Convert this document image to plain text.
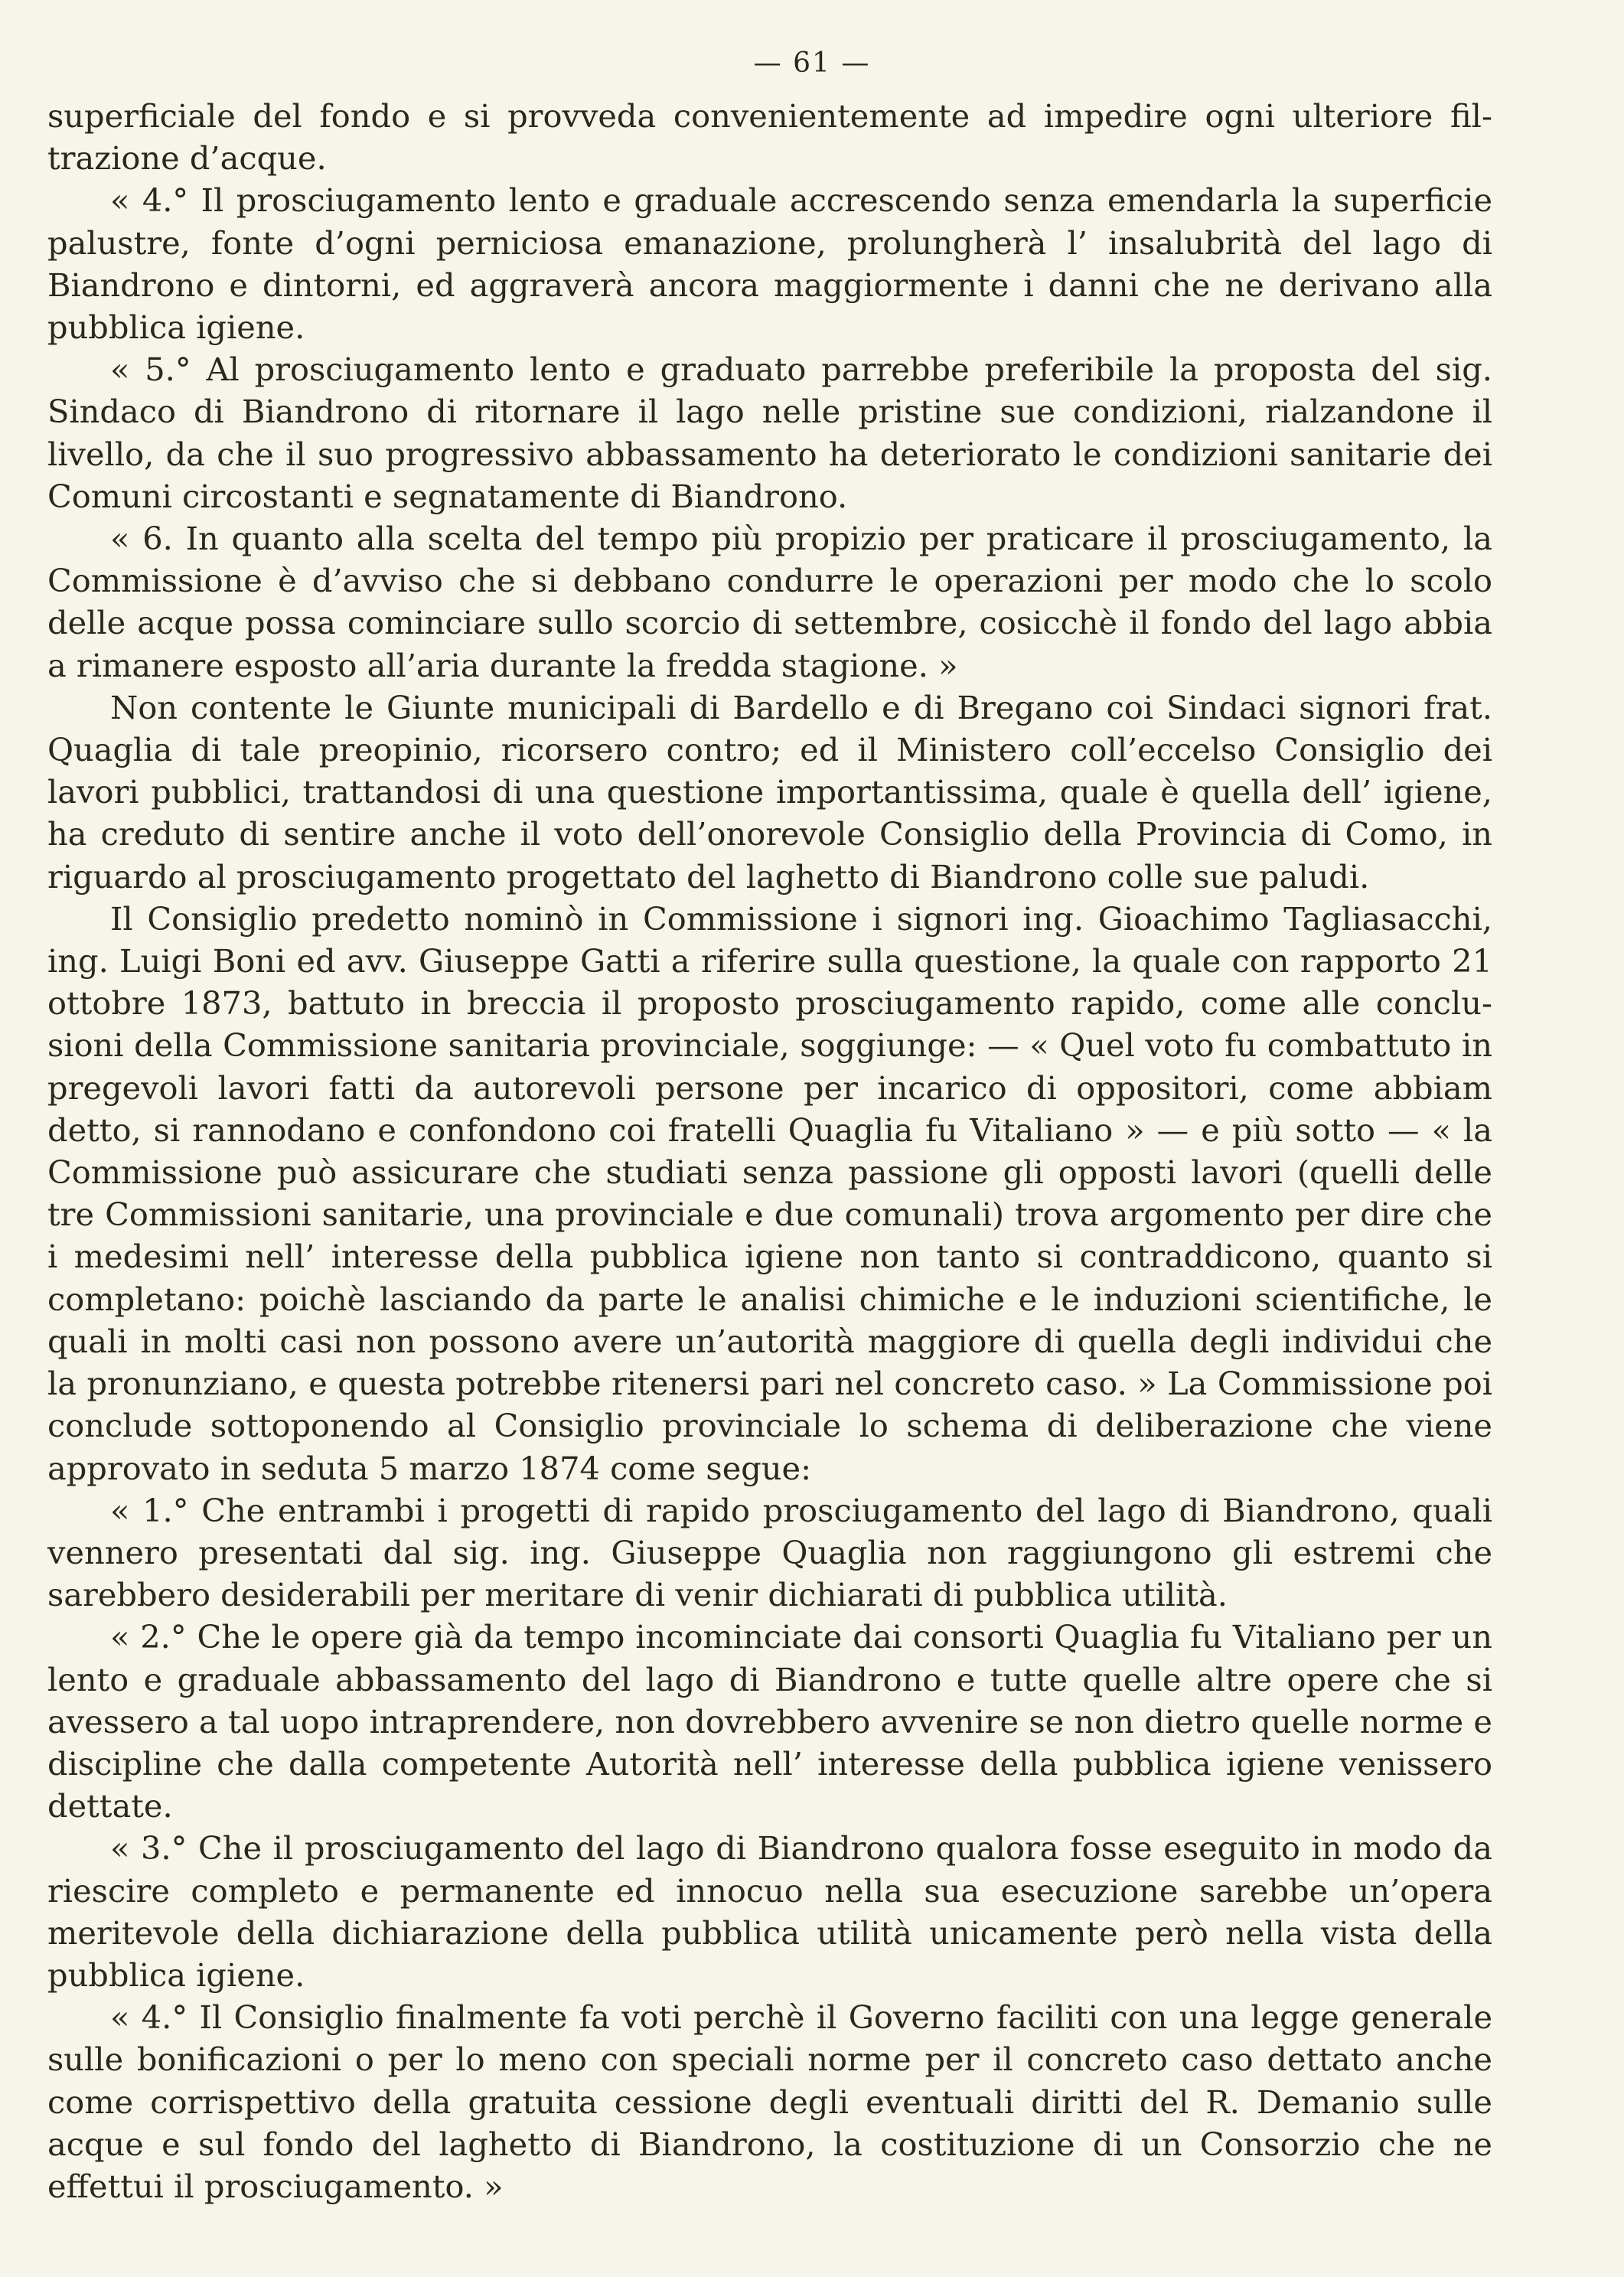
— 61 —

superficiale del fondo e si provveda convenientemente ad impedire ogni ulteriore filtrazione d’acque.

« 4.° Il prosciugamento lento e graduale accrescendo senza emendarla la superficie palustre, fonte d’ogni perniciosa emanazione, prolungherà l’ insalubrità del lago di Biandrono e dintorni, ed aggraverà ancora maggiormente i danni che ne derivano alla pubblica igiene.

« 5.° Al prosciugamento lento e graduato parrebbe preferibile la proposta del sig. Sindaco di Biandrono di ritornare il lago nelle pristine sue condizioni, rialzandone il livello, da che il suo progressivo abbassamento ha deteriorato le condizioni sanitarie dei Comuni circostanti e segnatamente di Biandrono.

« 6. In quanto alla scelta del tempo più propizio per praticare il prosciugamento, la Commissione è d’avviso che si debbano condurre le operazioni per modo che lo scolo delle acque possa cominciare sullo scorcio di settembre, cosicchè il fondo del lago abbia a rimanere esposto all’aria durante la fredda stagione. »

Non contente le Giunte municipali di Bardello e di Bregano coi Sindaci signori frat. Quaglia di tale preopinio, ricorsero contro; ed il Ministero coll’eccelso Consiglio dei lavori pubblici, trattandosi di una questione importantissima, quale è quella dell’ igiene, ha creduto di sentire anche il voto dell’onorevole Consiglio della Provincia di Como, in riguardo al prosciugamento progettato del laghetto di Biandrono colle sue paludi.

Il Consiglio predetto nominò in Commissione i signori ing. Gioachimo Tagliasacchi, ing. Luigi Boni ed avv. Giuseppe Gatti a riferire sulla questione, la quale con rapporto 21 ottobre 1873, battuto in breccia il proposto prosciugamento rapido, come alle conclusioni della Commissione sanitaria provinciale, soggiunge: — « Quel voto fu combattuto in pregevoli lavori fatti da autorevoli persone per incarico di oppositori, come abbiam detto, si rannodano e confondono coi fratelli Quaglia fu Vitaliano » — e più sotto — « la Commissione può assicurare che studiati senza passione gli opposti lavori (quelli delle tre Commissioni sanitarie, una provinciale e due comunali) trova argomento per dire che i medesimi nell’ interesse della pubblica igiene non tanto si contraddicono, quanto si completano: poichè lasciando da parte le analisi chimiche e le induzioni scientifiche, le quali in molti casi non possono avere un’autorità maggiore di quella degli individui che la pronunziano, e questa potrebbe ritenersi pari nel concreto caso. » La Commissione poi conclude sottoponendo al Consiglio provinciale lo schema di deliberazione che viene approvato in seduta 5 marzo 1874 come segue:

« 1.° Che entrambi i progetti di rapido prosciugamento del lago di Biandrono, quali vennero presentati dal sig. ing. Giuseppe Quaglia non raggiungono gli estremi che sarebbero desiderabili per meritare di venir dichiarati di pubblica utilità.

« 2.° Che le opere già da tempo incominciate dai consorti Quaglia fu Vitaliano per un lento e graduale abbassamento del lago di Biandrono e tutte quelle altre opere che si avessero a tal uopo intraprendere, non dovrebbero avvenire se non dietro quelle norme e discipline che dalla competente Autorità nell’ interesse della pubblica igiene venissero dettate.

« 3.° Che il prosciugamento del lago di Biandrono qualora fosse eseguito in modo da riescire completo e permanente ed innocuo nella sua esecuzione sarebbe un’opera meritevole della dichiarazione della pubblica utilità unicamente però nella vista della pubblica igiene.

« 4.° Il Consiglio finalmente fa voti perchè il Governo faciliti con una legge generale sulle bonificazioni o per lo meno con speciali norme per il concreto caso dettato anche come corrispettivo della gratuita cessione degli eventuali diritti del R. Demanio sulle acque e sul fondo del laghetto di Biandrono, la costituzione di un Consorzio che ne effettui il prosciugamento. »
